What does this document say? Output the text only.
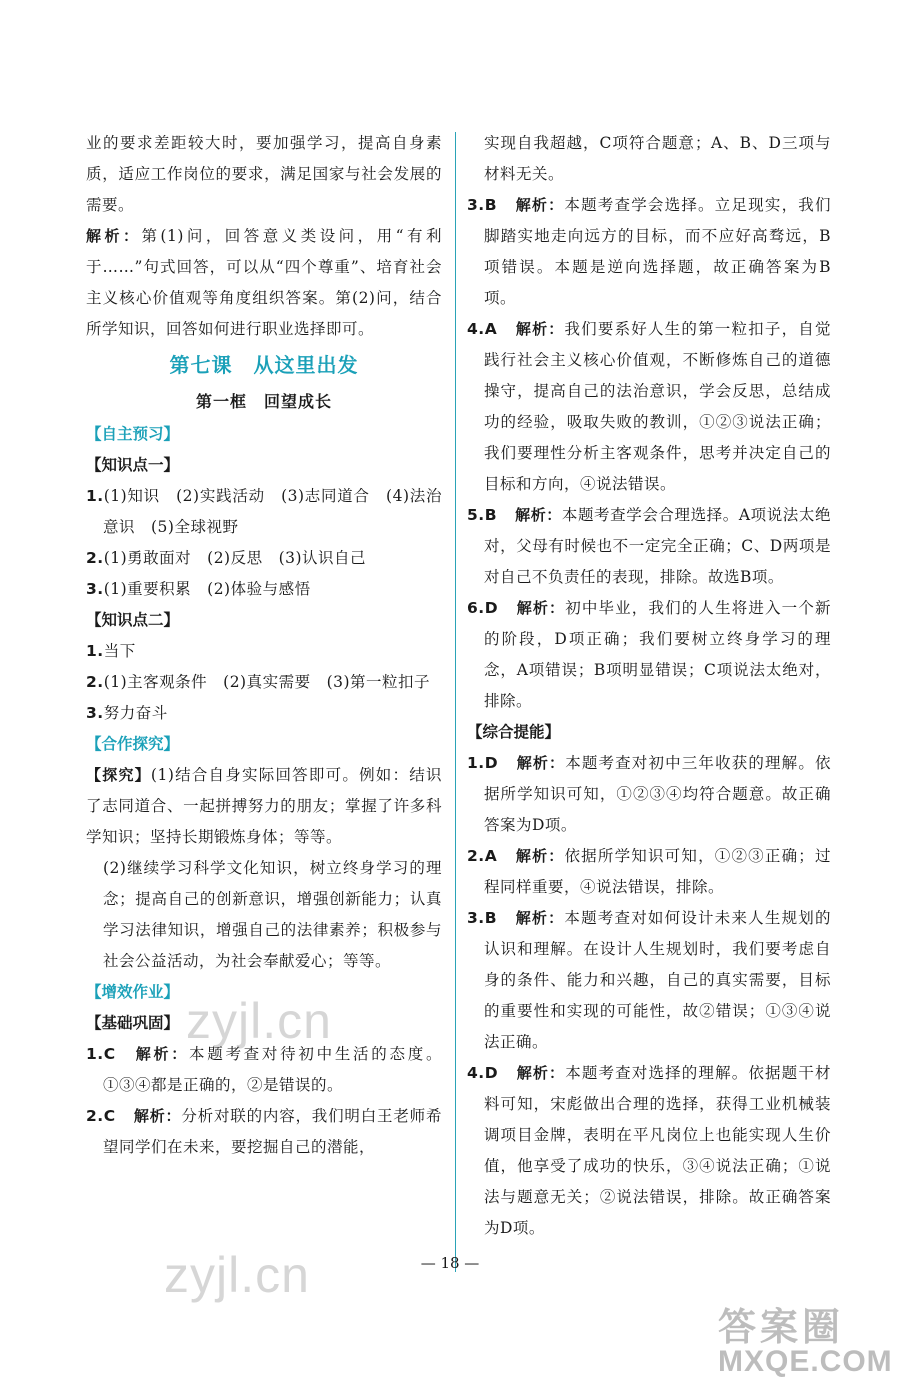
业的要求差距较大时，要加强学习，提高自身素质，适应工作岗位的要求，满足国家与社会发展的需要。

解析：第(1)问，回答意义类设问，用“有利于……”句式回答，可以从“四个尊重”、培育社会主义核心价值观等角度组织答案。第(2)问，结合所学知识，回答如何进行职业选择即可。

第七课　从这里出发
第一框　回望成长
【自主预习】
【知识点一】

1.(1)知识　(2)实践活动　(3)志同道合　(4)法治意识　(5)全球视野

2.(1)勇敢面对　(2)反思　(3)认识自己

3.(1)重要积累　(2)体验与感悟

【知识点二】

1.当下

2.(1)主客观条件　(2)真实需要　(3)第一粒扣子

3.努力奋斗

【合作探究】

【探究】(1)结合自身实际回答即可。例如：结识了志同道合、一起拼搏努力的朋友；掌握了许多科学知识；坚持长期锻炼身体；等等。

(2)继续学习科学文化知识，树立终身学习的理念；提高自己的创新意识，增强创新能力；认真学习法律知识，增强自己的法律素养；积极参与社会公益活动，为社会奉献爱心；等等。

【增效作业】
【基础巩固】

1.C 解析：本题考查对待初中生活的态度。①③④都是正确的，②是错误的。

2.C 解析：分析对联的内容，我们明白王老师希望同学们在未来，要挖掘自己的潜能，

实现自我超越，C项符合题意；A、B、D三项与材料无关。

3.B 解析：本题考查学会选择。立足现实，我们脚踏实地走向远方的目标，而不应好高骛远，B项错误。本题是逆向选择题，故正确答案为B项。

4.A 解析：我们要系好人生的第一粒扣子，自觉践行社会主义核心价值观，不断修炼自己的道德操守，提高自己的法治意识，学会反思，总结成功的经验，吸取失败的教训，①②③说法正确；我们要理性分析主客观条件，思考并决定自己的目标和方向，④说法错误。

5.B 解析：本题考查学会合理选择。A项说法太绝对，父母有时候也不一定完全正确；C、D两项是对自己不负责任的表现，排除。故选B项。

6.D 解析：初中毕业，我们的人生将进入一个新的阶段，D项正确；我们要树立终身学习的理念，A项错误；B项明显错误；C项说法太绝对，排除。

【综合提能】

1.D 解析：本题考查对初中三年收获的理解。依据所学知识可知，①②③④均符合题意。故正确答案为D项。

2.A 解析：依据所学知识可知，①②③正确；过程同样重要，④说法错误，排除。

3.B 解析：本题考查对如何设计未来人生规划的认识和理解。在设计人生规划时，我们要考虑自身的条件、能力和兴趣，自己的真实需要，目标的重要性和实现的可能性，故②错误；①③④说法正确。

4.D 解析：本题考查对选择的理解。依据题干材料可知，宋彪做出合理的选择，获得工业机械装调项目金牌，表明在平凡岗位上也能实现人生价值，他享受了成功的快乐，③④说法正确；①说法与题意无关；②说法错误，排除。故正确答案为D项。

— 18 —
zyjl.cn
zyjl.cn
答案圈
MXQE.COM
